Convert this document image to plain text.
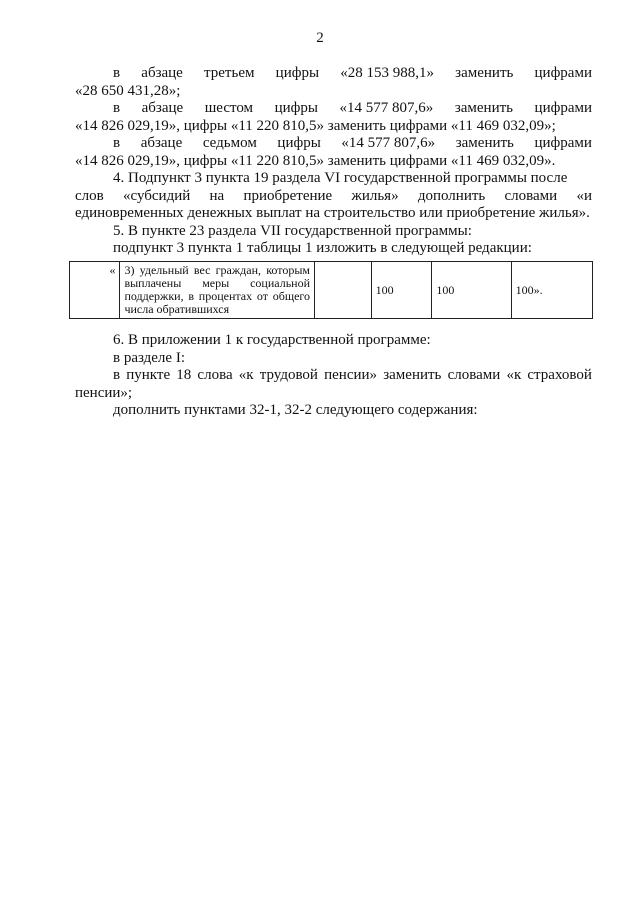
2
в абзаце третьем цифры «28 153 988,1» заменить цифрами
«28 650 431,28»;
в абзаце шестом цифры «14 577 807,6» заменить цифрами
«14 826 029,19», цифры «11 220 810,5» заменить цифрами «11 469 032,09»;
в абзаце седьмом цифры «14 577 807,6» заменить цифрами
«14 826 029,19», цифры «11 220 810,5» заменить цифрами «11 469 032,09».
4. Подпункт 3 пункта 19 раздела VI государственной программы после
слов «субсидий на приобретение жилья» дополнить словами «и
единовременных денежных выплат на строительство или приобретение жилья».
5. В пункте 23 раздела VII государственной программы:
подпункт 3 пункта 1 таблицы 1 изложить в следующей редакции:
«	3) удельный вес граждан, которым выплачены меры социальной поддержки, в процентах от общего числа обратившихся		100	100	100».
6. В приложении 1 к государственной программе:
в разделе I:
в пункте 18 слова «к трудовой пенсии» заменить словами «к страховой
пенсии»;
дополнить пунктами 32-1, 32-2 следующего содержания:
